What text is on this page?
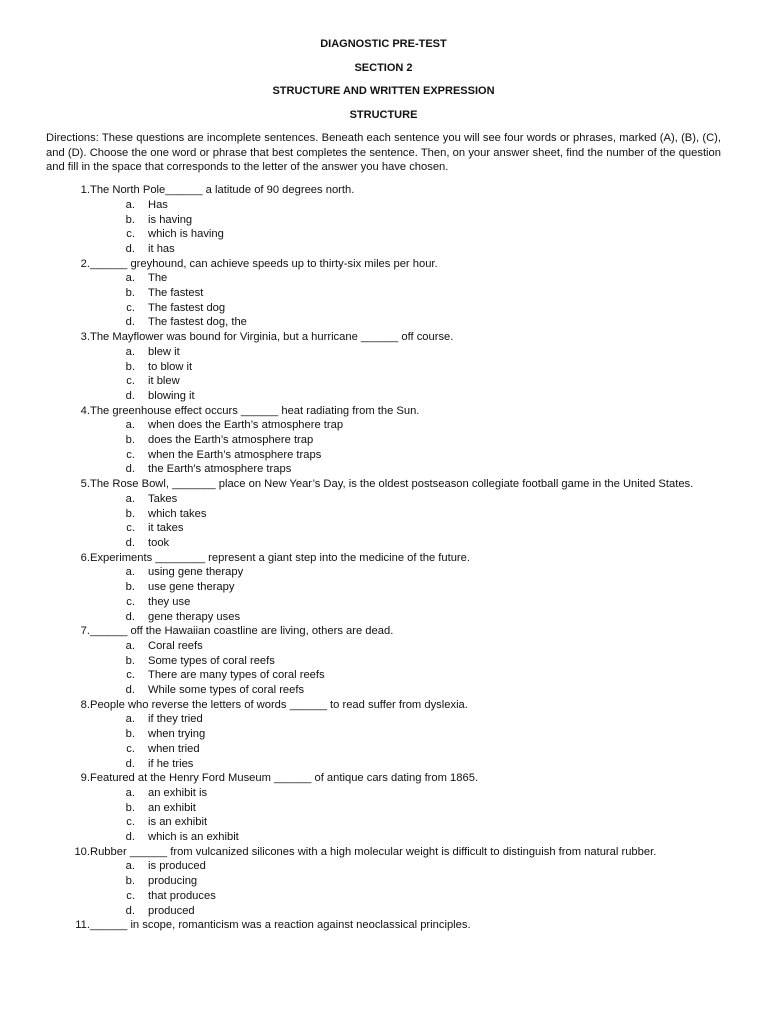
DIAGNOSTIC PRE-TEST
SECTION 2
STRUCTURE AND WRITTEN EXPRESSION
STRUCTURE
Directions: These questions are incomplete sentences. Beneath each sentence you will see four words or phrases, marked (A), (B), (C), and (D). Choose the one word or phrase that best completes the sentence. Then, on your answer sheet, find the number of the question and fill in the space that corresponds to the letter of the answer you have chosen.
1. The North Pole______ a latitude of 90 degrees north.
a.	Has
b.	is having
c.	which is having
d.	it has
2. ______ greyhound, can achieve speeds up to thirty-six miles per hour.
a.	The
b.	The fastest
c.	The fastest dog
d.	The fastest dog, the
3. The Mayflower was bound for Virginia, but a hurricane ______ off course.
a.	blew it
b.	to blow it
c.	it blew
d.	blowing it
4. The greenhouse effect occurs ______ heat radiating from the Sun.
a.	when does the Earth’s atmosphere trap
b.	does the Earth’s atmosphere trap
c.	when the Earth’s atmosphere traps
d.	the Earth's atmosphere traps
5. The Rose Bowl, _______ place on New Year’s Day, is the oldest postseason collegiate football game in the United States.
a.	Takes
b.	which takes
c.	it takes
d.	took
6. Experiments ________ represent a giant step into the medicine of the future.
a.	using gene therapy
b.	use gene therapy
c.	they use
d.	gene therapy uses
7. ______ off the Hawaiian coastline are living, others are dead.
a.	Coral reefs
b.	Some types of coral reefs
c.	There are many types of coral reefs
d.	While some types of coral reefs
8. People who reverse the letters of words ______ to read suffer from dyslexia.
a.	if they tried
b.	when trying
c.	when tried
d.	if he tries
9. Featured at the Henry Ford Museum ______ of antique cars dating from 1865.
a.	an exhibit is
b.	an exhibit
c.	is an exhibit
d.	which is an exhibit
10. Rubber ______ from vulcanized silicones with a high molecular weight is difficult to distinguish from natural rubber.
a.	is produced
b.	producing
c.	that produces
d.	produced
11. ______ in scope, romanticism was a reaction against neoclassical principles.
